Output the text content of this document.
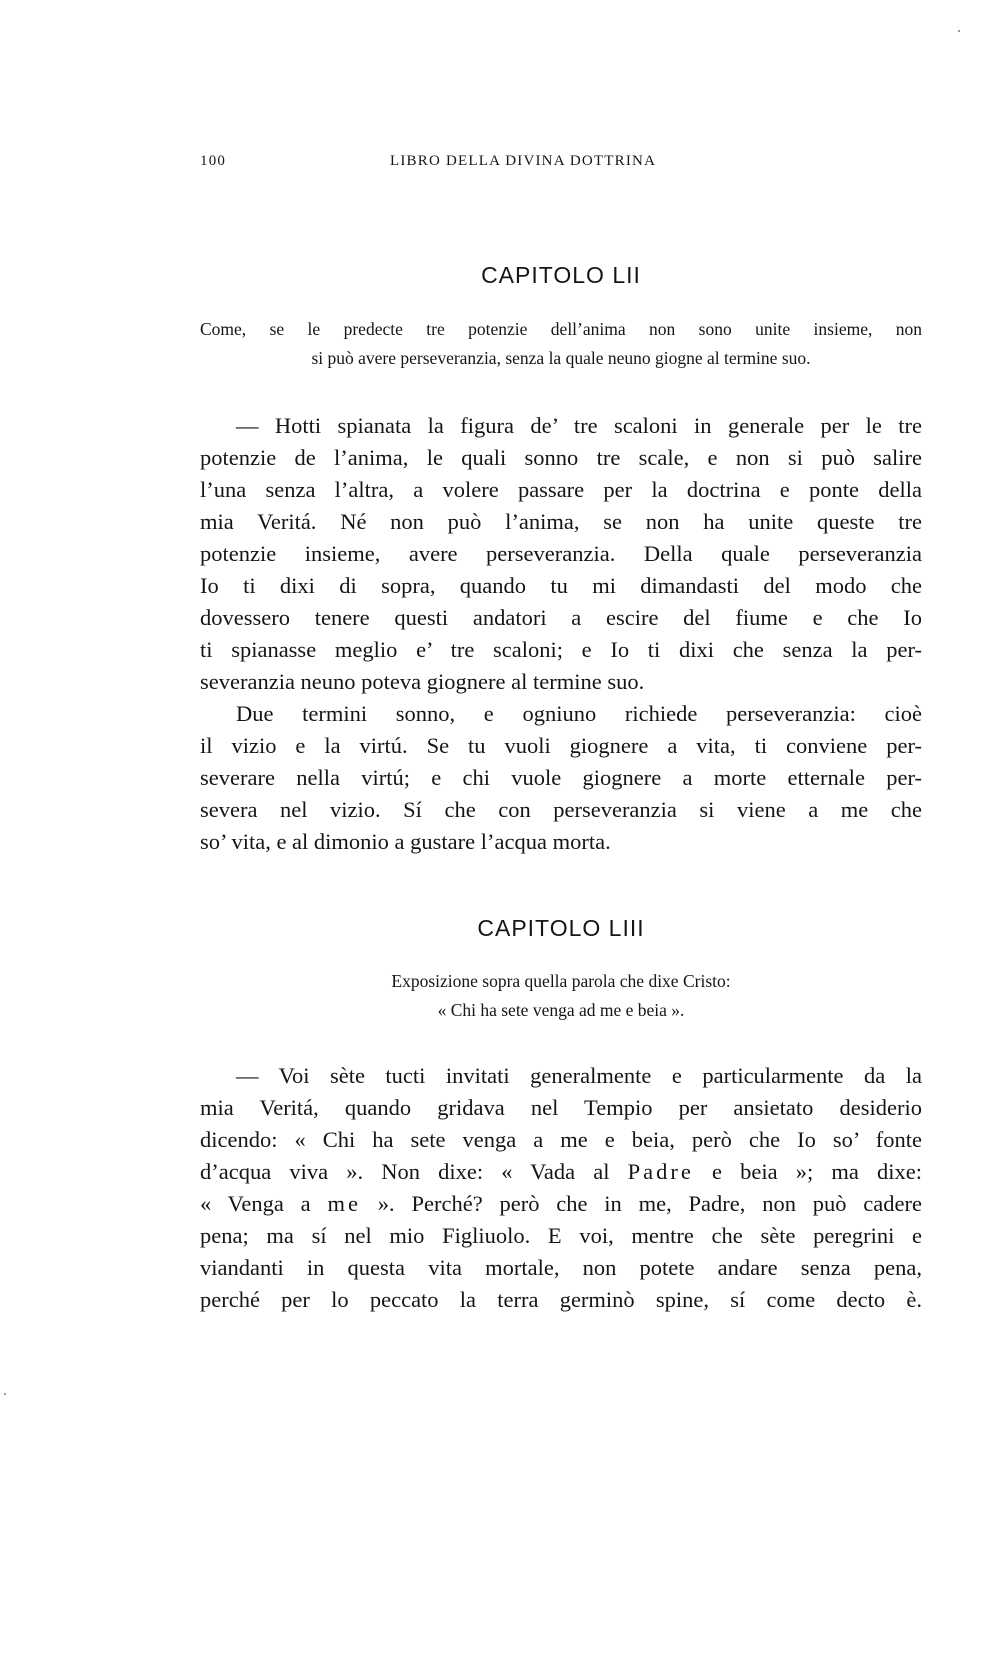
100	LIBRO DELLA DIVINA DOTTRINA
CAPITOLO LII
Come, se le predecte tre potenzie dell’anima non sono unite insieme, non
si può avere perseveranzia, senza la quale neuno giogne al termine suo.
— Hotti spianata la figura de’ tre scaloni in generale per le tre
potenzie de l’anima, le quali sonno tre scale, e non si può salire
l’una senza l’altra, a volere passare per la doctrina e ponte della
mia Veritá. Né non può l’anima, se non ha unite queste tre
potenzie insieme, avere perseveranzia. Della quale perseveranzia
Io ti dixi di sopra, quando tu mi dimandasti del modo che
dovessero tenere questi andatori a escire del fiume e che Io
ti spianasse meglio e’ tre scaloni; e Io ti dixi che senza la per-
severanzia neuno poteva giognere al termine suo.
Due termini sonno, e ogniuno richiede perseveranzia: cioè
il vizio e la virtú. Se tu vuoli giognere a vita, ti conviene per-
severare nella virtú; e chi vuole giognere a morte etternale per-
severa nel vizio. Sí che con perseveranzia si viene a me che
so’ vita, e al dimonio a gustare l’acqua morta.
CAPITOLO LIII
Exposizione sopra quella parola che dixe Cristo:
« Chi ha sete venga ad me e beia ».
— Voi sète tucti invitati generalmente e particularmente da la
mia Veritá, quando gridava nel Tempio per ansietato desiderio
dicendo: « Chi ha sete venga a me e beia, però che Io so’ fonte
d’acqua viva ». Non dixe: « Vada al Padre e beia »; ma dixe:
« Venga a me ». Perché? però che in me, Padre, non può cadere
pena; ma sí nel mio Figliuolo. E voi, mentre che sète peregrini e
viandanti in questa vita mortale, non potete andare senza pena,
perché per lo peccato la terra germinò spine, sí come decto è.
